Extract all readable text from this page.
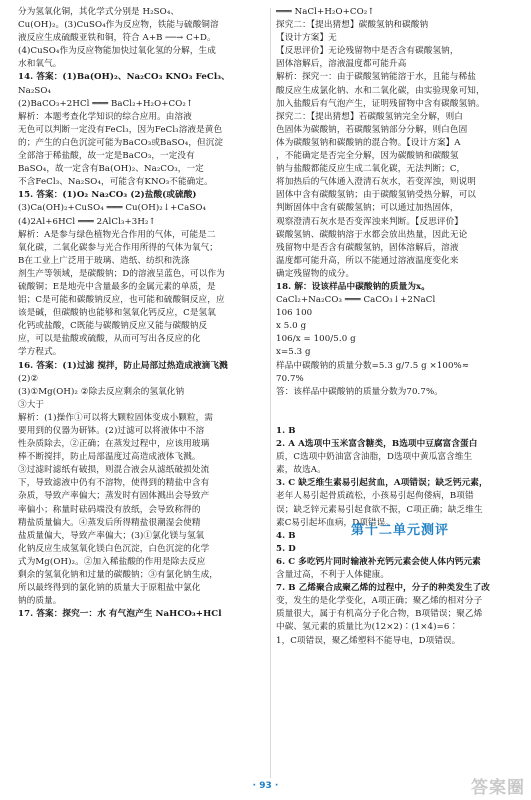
分为氢氧化铜，其化学式分别是 H₂SO₄、
Cu(OH)₂。(3)CuSO₄作为反应物，铁能与硫酸铜溶
液反应生成硫酸亚铁和铜，符合 A+B ──→ C+D。
(4)CuSO₄作为反应物能加快过氧化氢的分解，生成
水和氧气。
14. 答案：(1)Ba(OH)₂、Na₂CO₃ KNO₃ FeCl₃、
Na₂SO₄
(2)BaCO₃+2HCl ═══ BaCl₂+H₂O+CO₂↑
解析：本题考查化学知识的综合应用。由溶液
无色可以判断一定没有FeCl₃，因为FeCl₃溶液是黄色
的；产生的白色沉淀可能为BaCO₃或BaSO₄，但沉淀
全部溶于稀盐酸，故一定是BaCO₃，一定没有
BaSO₄，故一定含有Ba(OH)₂、Na₂CO₃，一定
不含FeCl₃、Na₂SO₄，可能含有KNO₃不能确定。
15. 答案：(1)O₂ Na₂CO₃ (2)盐酸(或硫酸)
(3)Ca(OH)₂+CuSO₄ ═══ Cu(OH)₂↓+CaSO₄
(4)2Al+6HCl ═══ 2AlCl₃+3H₂↑
解析：A是参与绿色植物光合作用的气体，可能是二
氧化碳，二氧化碳参与光合作用所得的气体为氧气；
B在工业上广泛用于玻璃、造纸、纺织和洗涤
剂生产等领域，是碳酸钠；D的溶液呈蓝色，可以作为
硫酸铜；E是地壳中含量最多的金属元素的单质，是
铝；C是可能和碳酸钠反应，也可能和硫酸铜反应，应
该是碱，但碳酸钠也能够和氢氧化钙反应，C是氢氧
化钙或盐酸，C既能与碳酸钠反应又能与碳酸钠反
应，可以是盐酸或硫酸，从而可写出各反应的化
学方程式。
16. 答案：(1)过滤 搅拌，防止局部过热造成液滴飞溅
(2)②
(3)①Mg(OH)₂ ②除去反应剩余的氢氧化钠
③大于
解析：(1)操作①可以将大颗粒固体变成小颗粒，需
要用到的仪器为研钵。(2)过滤可以将液体中不溶
性杂质除去，②正确；在蒸发过程中，应该用玻璃
棒不断搅拌，防止局部温度过高造成液体飞溅。
③过滤时滤纸有破损，则混合液会从滤纸破损处流
下，导致滤液中仍有不溶物，使得到的精盐中含有
杂质，导致产率偏大；蒸发时有固体溅出会导致产
率偏小；称量时砝码端没有放纸，会导致称得的
精盐质量偏大。④蒸发后所得精盐很潮湿会使精
盐质量偏大，导致产率偏大；(3)①氯化镁与氢氧
化钠反应生成氢氧化镁白色沉淀，白色沉淀的化学
式为Mg(OH)₂。②加入稀盐酸的作用是除去反应
剩余的氢氧化钠和过量的碳酸钠；③有氯化钠生成，
所以最终得到的氯化钠的质量大于原粗盐中氯化
钠的质量。
17. 答案：探究一：水 有气泡产生 NaHCO₃+HCl
═══ NaCl+H₂O+CO₂↑
探究二：【提出猜想】碳酸氢钠和碳酸钠
【设计方案】无
【反思评价】无论残留物中是否含有碳酸氢钠，
固体溶解后，溶液温度都可能升高
解析：探究一：由于碳酸氢钠能溶于水，且能与稀盐
酸反应生成氯化钠、水和二氧化碳，由实验现象可知，
加入盐酸后有气泡产生，证明残留物中含有碳酸氢钠。
探究二：【提出猜想】若碳酸氢钠完全分解，则白
色固体为碳酸钠，若碳酸氢钠部分分解，则白色固
体为碳酸氢钠和碳酸钠的混合物。【设计方案】A
，不能确定是否完全分解，因为碳酸钠和碳酸氢
钠与盐酸都能反应生成二氧化碳，无法判断；C，
将加热后的气体通入澄清石灰水，若变浑浊，则说明
固体中含有碳酸氢钠；由于碳酸氢钠受热分解，可以
判断固体中含有碳酸氢钠；可以通过加热固体，
观察澄清石灰水是否变浑浊来判断。【反思评价】
碳酸氢钠、碳酸钠溶于水都会放出热量，因此无论
残留物中是否含有碳酸氢钠，固体溶解后，溶液
温度都可能升高，所以不能通过溶液温度变化来
确定残留物的成分。
18. 解：设该样品中碳酸钠的质量为x。
CaCl₂+Na₂CO₃ ═══ CaCO₃↓+2NaCl
106 100
x 5.0 g
106/x = 100/5.0 g
x=5.3 g
样品中碳酸钠的质量分数=5.3 g/7.5 g ×100%≈
70.7%
答：该样品中碳酸钠的质量分数为70.7%。

1. B
2. A A选项中玉米富含糖类，B选项中豆腐富含蛋白
质，C选项中奶油富含油脂，D选项中黄瓜富含维生
素，故选A。
3. C 缺乏维生素易引起贫血，A项错误；缺乏钙元素，
老年人易引起骨质疏松，小孩易引起佝偻病，B项错
误；缺乏锌元素易引起食欲不振，C项正确；缺乏维生
素C易引起坏血病，D项错误。
4. B
5. D
6. C 多吃钙片同时输液补充钙元素会使人体内钙元素
含量过高，不利于人体健康。
7. B 乙烯聚合成聚乙烯的过程中，分子的种类发生了改
变，发生的是化学变化，A项正确；聚乙烯的相对分子
质量很大，属于有机高分子化合物，B项错误；聚乙烯
中碳、氢元素的质量比为(12×2)∶(1×4)=6∶
1，C项错误，聚乙烯塑料不能导电，D项错误。
第十二单元测评
· 93 ·	答案圈
